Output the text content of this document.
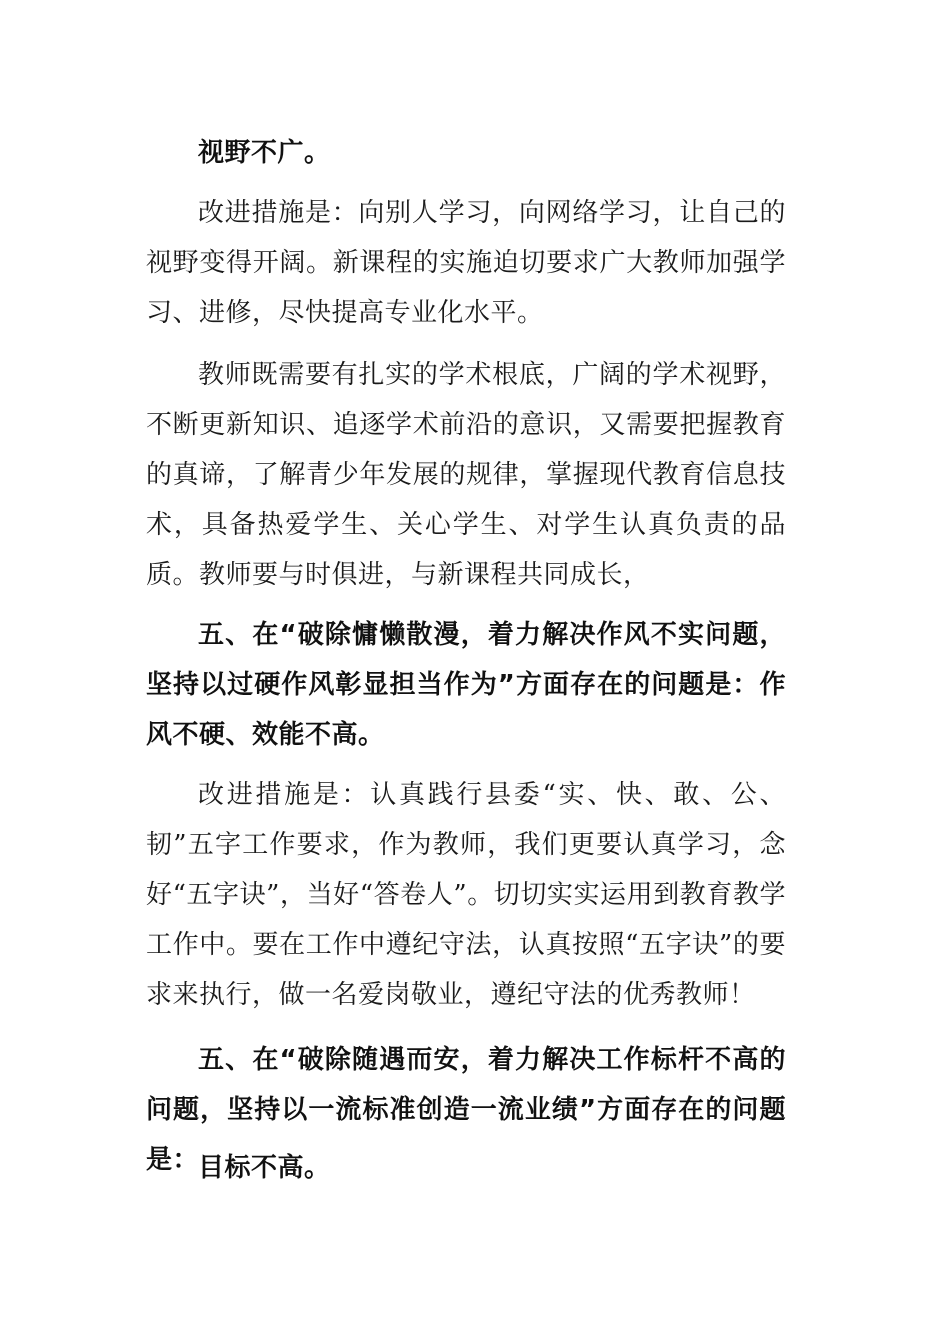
视野不广。

改进措施是：向别人学习，向网络学习，让自己的视野变得开阔。新课程的实施迫切要求广大教师加强学习、进修，尽快提高专业化水平。

教师既需要有扎实的学术根底，广阔的学术视野，不断更新知识、追逐学术前沿的意识，又需要把握教育的真谛，了解青少年发展的规律，掌握现代教育信息技术，具备热爱学生、关心学生、对学生认真负责的品质。教师要与时俱进，与新课程共同成长，

五、在“破除慵懒散漫，着力解决作风不实问题，坚持以过硬作风彰显担当作为”方面存在的问题是：作风不硬、效能不高。

改进措施是：认真践行县委“实、快、敢、公、韧”五字工作要求，作为教师，我们更要认真学习，念好“五字诀”，当好“答卷人”。切切实实运用到教育教学工作中。要在工作中遵纪守法，认真按照“五字诀”的要求来执行，做一名爱岗敬业，遵纪守法的优秀教师！

五、在“破除随遇而安，着力解决工作标杆不高的问题，坚持以一流标准创造一流业绩”方面存在的问题是：

目标不高。
